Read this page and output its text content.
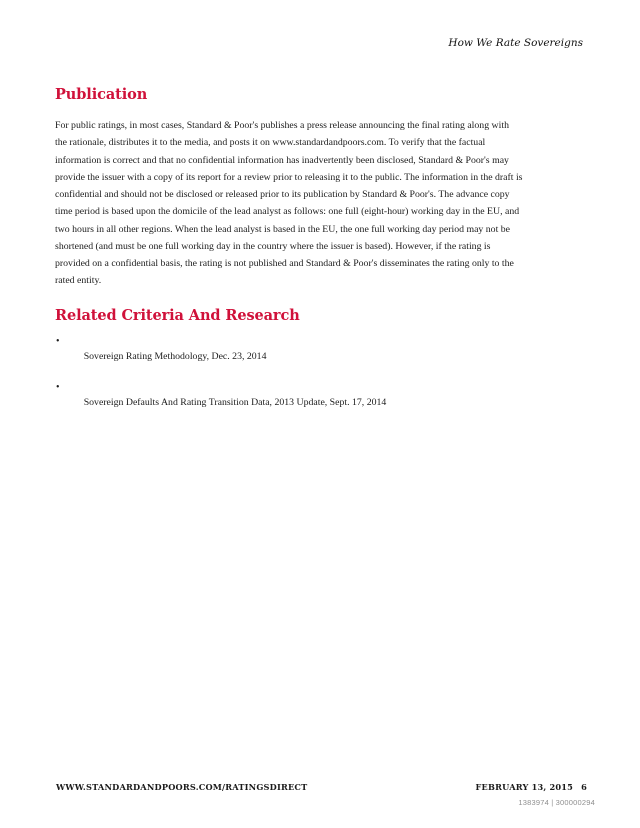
How We Rate Sovereigns
Publication
For public ratings, in most cases, Standard & Poor's publishes a press release announcing the final rating along with
the rationale, distributes it to the media, and posts it on www.standardandpoors.com. To verify that the factual
information is correct and that no confidential information has inadvertently been disclosed, Standard & Poor's may
provide the issuer with a copy of its report for a review prior to releasing it to the public. The information in the draft is
confidential and should not be disclosed or released prior to its publication by Standard & Poor's. The advance copy
time period is based upon the domicile of the lead analyst as follows: one full (eight-hour) working day in the EU, and
two hours in all other regions. When the lead analyst is based in the EU, the one full working day period may not be
shortened (and must be one full working day in the country where the issuer is based). However, if the rating is
provided on a confidential basis, the rating is not published and Standard & Poor's disseminates the rating only to the
rated entity.
Related Criteria And Research

•
Sovereign Rating Methodology, Dec. 23, 2014

•
Sovereign Defaults And Rating Transition Data, 2013 Update, Sept. 17, 2014

WWW.STANDARDANDPOORS.COM/RATINGSDIRECT	FEBRUARY 13, 2015 6
1383974 | 300000294
